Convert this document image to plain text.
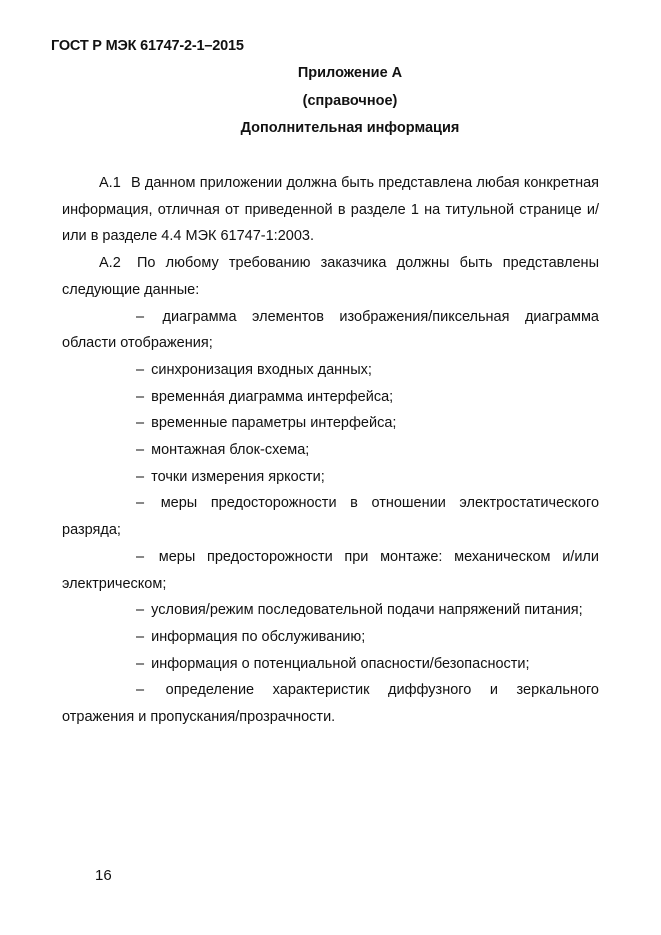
ГОСТ Р МЭК 61747-2-1–2015
Приложение А
(справочное)
Дополнительная информация

А.1 В данном приложении должна быть представлена любая конкретная информация, отличная от приведенной в разделе 1 на титульной странице и/или в разделе 4.4 МЭК 61747-1:2003.

А.2 По любому требованию заказчика должны быть представлены следующие данные:

– диаграмма элементов изображения/пиксельная диаграмма области отображения;

– синхронизация входных данных;

– временна́я диаграмма интерфейса;

– временные параметры интерфейса;

– монтажная блок-схема;

– точки измерения яркости;

– меры предосторожности в отношении электростатического разряда;

– меры предосторожности при монтаже: механическом и/или электрическом;

– условия/режим последовательной подачи напряжений питания;

– информация по обслуживанию;

– информация о потенциальной опасности/безопасности;

– определение характеристик диффузного и зеркального отражения и пропускания/прозрачности.

16
